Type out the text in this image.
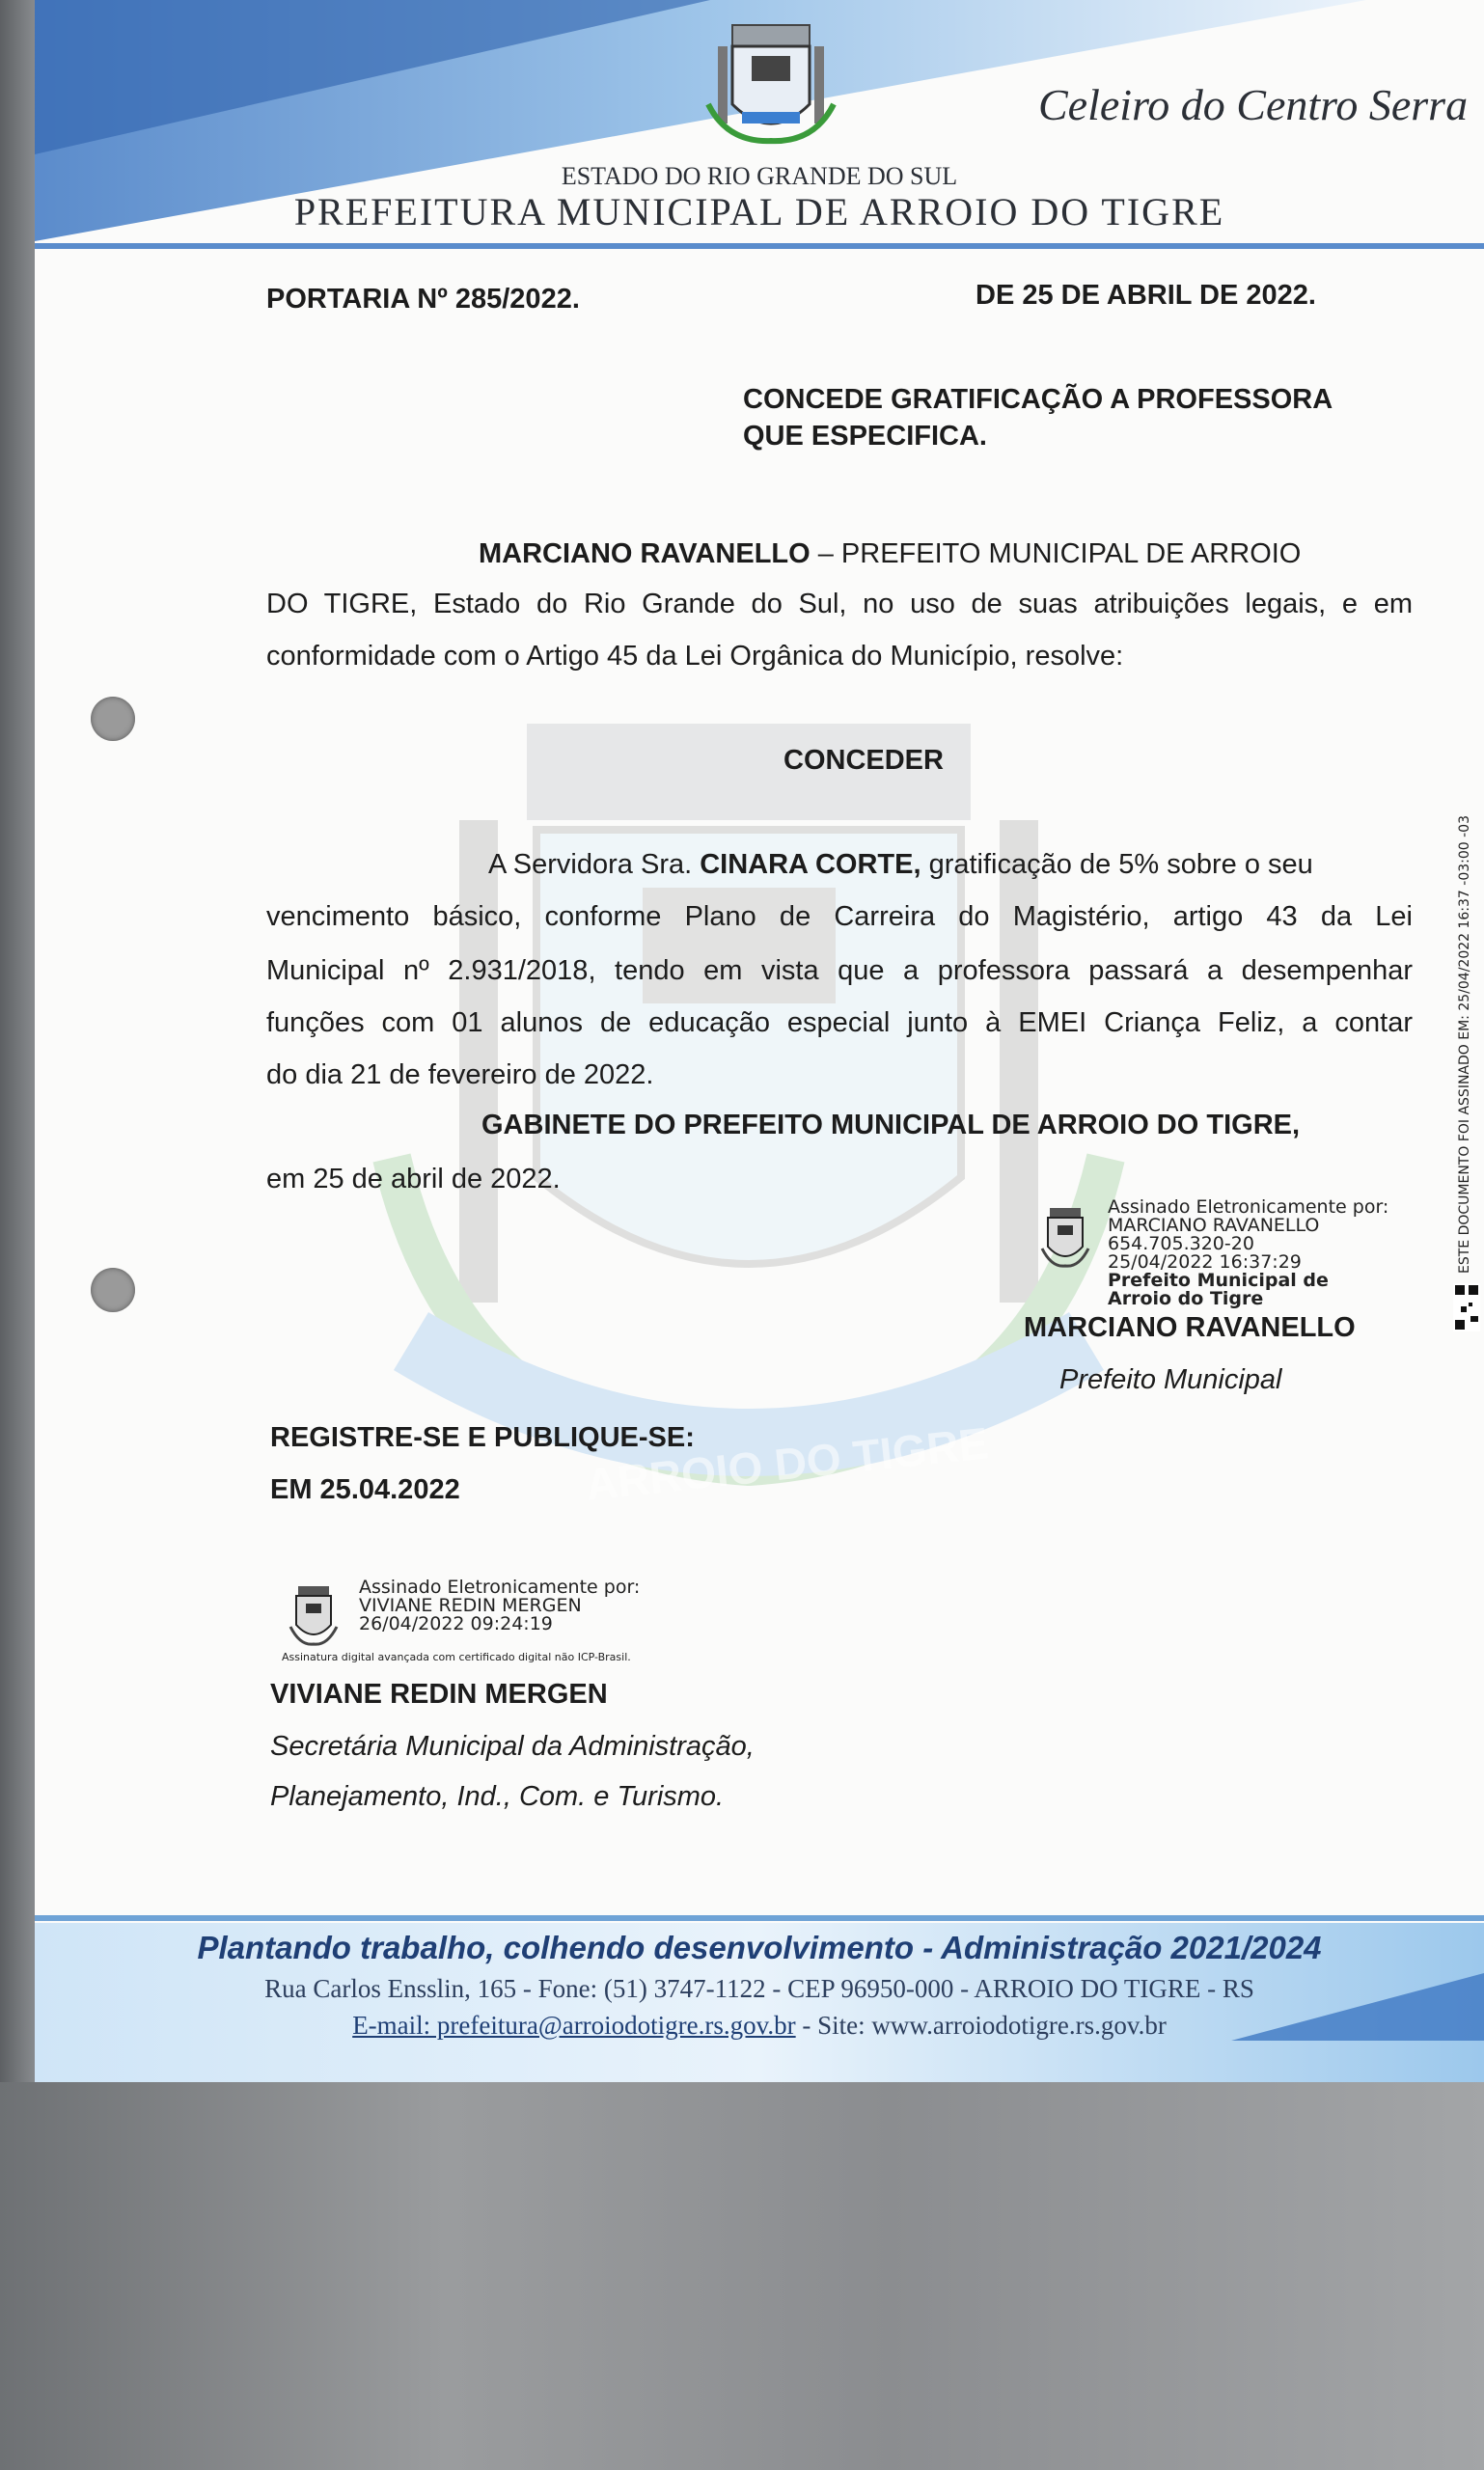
Celeiro do Centro Serra
ESTADO DO RIO GRANDE DO SUL
PREFEITURA MUNICIPAL DE ARROIO DO TIGRE
ARROIO DO TIGRE
PORTARIA Nº 285/2022.	DE 25 DE ABRIL DE 2022.
CONCEDE GRATIFICAÇÃO A PROFESSORA
QUE ESPECIFICA.
MARCIANO RAVANELLO – PREFEITO MUNICIPAL DE ARROIO
DO TIGRE, Estado do Rio Grande do Sul, no uso de suas atribuições legais, e em
conformidade com o Artigo 45 da Lei Orgânica do Município, resolve:
CONCEDER
A Servidora Sra. CINARA CORTE, gratificação de 5% sobre o seu
vencimento básico, conforme Plano de Carreira do Magistério, artigo 43 da Lei
Municipal nº 2.931/2018, tendo em vista que a professora passará a desempenhar
funções com 01 alunos de educação especial junto à EMEI Criança Feliz, a contar
do dia 21 de fevereiro de 2022.
GABINETE DO PREFEITO MUNICIPAL DE ARROIO DO TIGRE,
em 25 de abril de 2022.
Assinado Eletronicamente por:
MARCIANO RAVANELLO
654.705.320-20
25/04/2022 16:37:29
Prefeito Municipal de
Arroio do Tigre
MARCIANO RAVANELLO
Prefeito Municipal
REGISTRE-SE E PUBLIQUE-SE:
EM 25.04.2022
Assinado Eletronicamente por:
VIVIANE REDIN MERGEN
26/04/2022 09:24:19
Assinatura digital avançada com certificado digital não ICP-Brasil.
VIVIANE REDIN MERGEN
Secretária Municipal da Administração,
Planejamento, Ind., Com. e Turismo.
ESTE DOCUMENTO FOI ASSINADO EM: 25/04/2022 16:37 -03:00 -03
Plantando trabalho, colhendo desenvolvimento - Administração 2021/2024
Rua Carlos Ensslin, 165 - Fone: (51) 3747-1122 - CEP 96950-000 - ARROIO DO TIGRE - RS
E-mail: prefeitura@arroiodotigre.rs.gov.br - Site: www.arroiodotigre.rs.gov.br
